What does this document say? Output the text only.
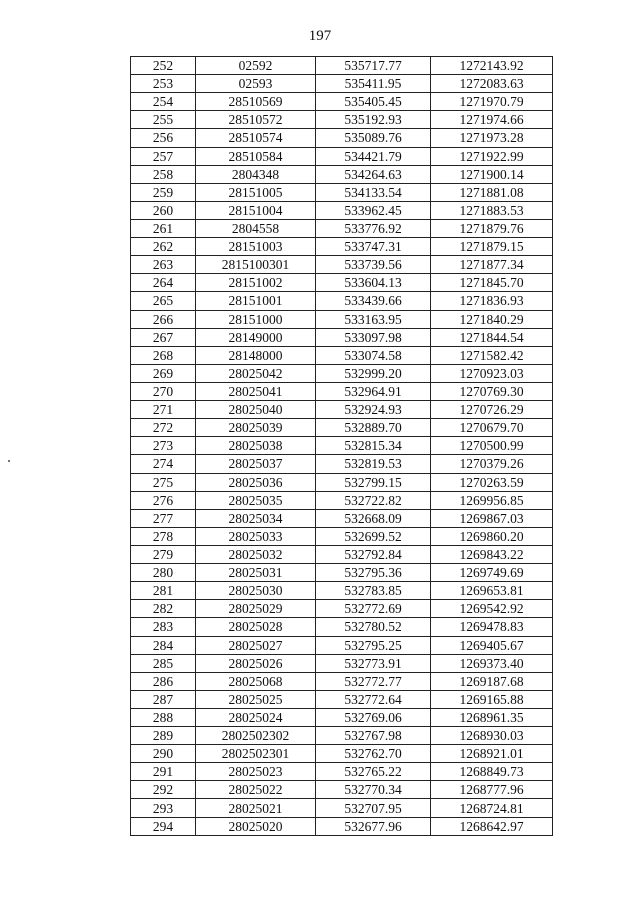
197
252	02592	535717.77	1272143.92
253	02593	535411.95	1272083.63
254	28510569	535405.45	1271970.79
255	28510572	535192.93	1271974.66
256	28510574	535089.76	1271973.28
257	28510584	534421.79	1271922.99
258	2804348	534264.63	1271900.14
259	28151005	534133.54	1271881.08
260	28151004	533962.45	1271883.53
261	2804558	533776.92	1271879.76
262	28151003	533747.31	1271879.15
263	2815100301	533739.56	1271877.34
264	28151002	533604.13	1271845.70
265	28151001	533439.66	1271836.93
266	28151000	533163.95	1271840.29
267	28149000	533097.98	1271844.54
268	28148000	533074.58	1271582.42
269	28025042	532999.20	1270923.03
270	28025041	532964.91	1270769.30
271	28025040	532924.93	1270726.29
272	28025039	532889.70	1270679.70
273	28025038	532815.34	1270500.99
274	28025037	532819.53	1270379.26
275	28025036	532799.15	1270263.59
276	28025035	532722.82	1269956.85
277	28025034	532668.09	1269867.03
278	28025033	532699.52	1269860.20
279	28025032	532792.84	1269843.22
280	28025031	532795.36	1269749.69
281	28025030	532783.85	1269653.81
282	28025029	532772.69	1269542.92
283	28025028	532780.52	1269478.83
284	28025027	532795.25	1269405.67
285	28025026	532773.91	1269373.40
286	28025068	532772.77	1269187.68
287	28025025	532772.64	1269165.88
288	28025024	532769.06	1268961.35
289	2802502302	532767.98	1268930.03
290	2802502301	532762.70	1268921.01
291	28025023	532765.22	1268849.73
292	28025022	532770.34	1268777.96
293	28025021	532707.95	1268724.81
294	28025020	532677.96	1268642.97
